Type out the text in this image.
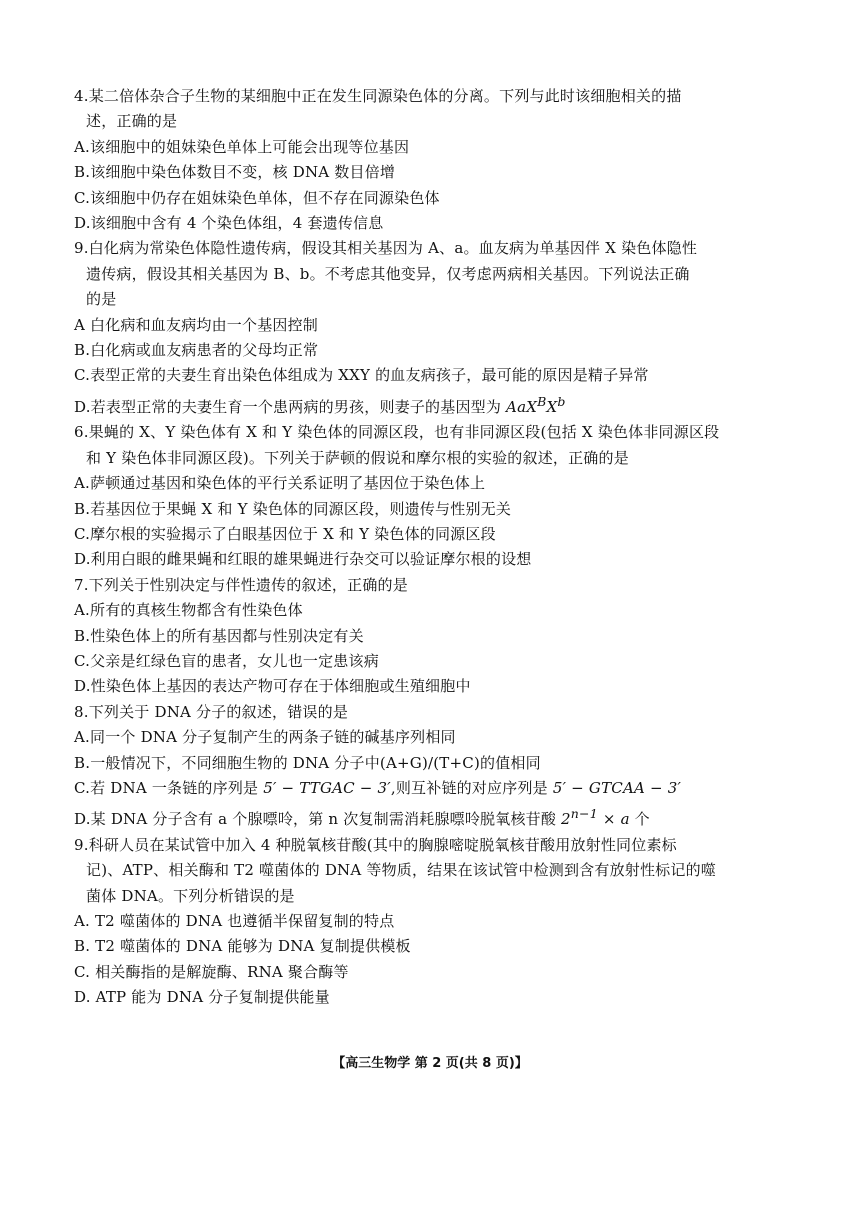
4.某二倍体杂合子生物的某细胞中正在发生同源染色体的分离。下列与此时该细胞相关的描
述，正确的是
A.该细胞中的姐妹染色单体上可能会出现等位基因
B.该细胞中染色体数目不变，核 DNA 数目倍增
C.该细胞中仍存在姐妹染色单体，但不存在同源染色体
D.该细胞中含有 4 个染色体组，4 套遗传信息
9.白化病为常染色体隐性遗传病，假设其相关基因为 A、a。血友病为单基因伴 X 染色体隐性
遗传病，假设其相关基因为 B、b。不考虑其他变异，仅考虑两病相关基因。下列说法正确
的是
A 白化病和血友病均由一个基因控制
B.白化病或血友病患者的父母均正常
C.表型正常的夫妻生育出染色体组成为 XXY 的血友病孩子，最可能的原因是精子异常
D.若表型正常的夫妻生育一个患两病的男孩，则妻子的基因型为 $AaX^BX^b$
6.果蝇的 X、Y 染色体有 X 和 Y 染色体的同源区段，也有非同源区段(包括 X 染色体非同源区段
和 Y 染色体非同源区段)。下列关于萨顿的假说和摩尔根的实验的叙述，正确的是
A.萨顿通过基因和染色体的平行关系证明了基因位于染色体上
B.若基因位于果蝇 X 和 Y 染色体的同源区段，则遗传与性别无关
C.摩尔根的实验揭示了白眼基因位于 X 和 Y 染色体的同源区段
D.利用白眼的雌果蝇和红眼的雄果蝇进行杂交可以验证摩尔根的设想
7.下列关于性别决定与伴性遗传的叙述，正确的是
A.所有的真核生物都含有性染色体
B.性染色体上的所有基因都与性别决定有关
C.父亲是红绿色盲的患者，女儿也一定患该病
D.性染色体上基因的表达产物可存在于体细胞或生殖细胞中
8.下列关于 DNA 分子的叙述，错误的是
A.同一个 DNA 分子复制产生的两条子链的碱基序列相同
B.一般情况下，不同细胞生物的 DNA 分子中(A+G)/(T+C)的值相同
C.若 DNA 一条链的序列是 5′ − TTGAC − 3′,则互补链的对应序列是 5′ − GTCAA − 3′
D.某 DNA 分子含有 a 个腺嘌呤，第 n 次复制需消耗腺嘌呤脱氧核苷酸 $2^{n-1} \times a$ 个
9.科研人员在某试管中加入 4 种脱氧核苷酸(其中的胸腺嘧啶脱氧核苷酸用放射性同位素标
记)、ATP、相关酶和 T2 噬菌体的 DNA 等物质，结果在该试管中检测到含有放射性标记的噬
菌体 DNA。下列分析错误的是
A. T2 噬菌体的 DNA 也遵循半保留复制的特点
B. T2 噬菌体的 DNA 能够为 DNA 复制提供模板
C. 相关酶指的是解旋酶、RNA 聚合酶等
D. ATP 能为 DNA 分子复制提供能量
【高三生物学 第 2 页(共 8 页)】
